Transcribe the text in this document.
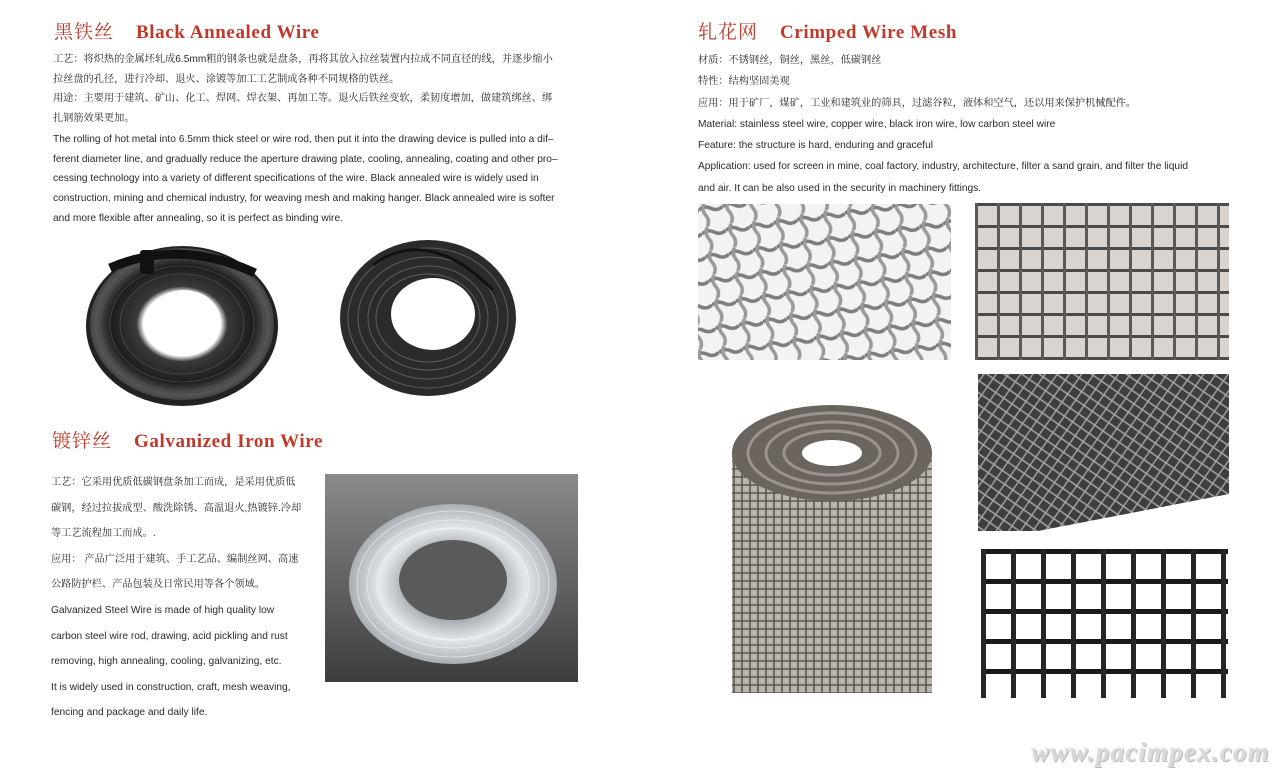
黑铁丝 Black Annealed Wire

工艺：将炽热的金属坯轧成6.5mm粗的钢条也就是盘条，再将其放入拉丝装置内拉成不同直径的线，并逐步缩小

拉丝盘的孔径，进行冷却、退火、涂镀等加工工艺制成各种不同规格的铁丝。

用途：主要用于建筑、矿山、化工、焊网、焊衣架、再加工等。退火后铁丝变软，柔韧度增加，做建筑绑丝、绑

扎钢筋效果更加。

The rolling of hot metal into 6.5mm thick steel or wire rod, then put it into the drawing device is pulled into a dif–

ferent diameter line, and gradually reduce the aperture drawing plate, cooling, annealing, coating and other pro–

cessing technology into a variety of different specifications of the wire. Black annealed wire is widely used in

construction, mining and chemical industry, for weaving mesh and making hanger. Black annealed wire is softer

and more flexible after annealing, so it is perfect as binding wire.

镀锌丝 Galvanized Iron Wire

工艺：它采用优质低碳钢盘条加工而成，是采用优质低

碳钢，经过拉拔成型、酸洗除锈、高温退火,热镀锌.冷却

等工艺流程加工而成。.

应用： 产品广泛用于建筑、手工艺品、编制丝网、高速

公路防护栏、产品包装及日常民用等各个领域。

Galvanized Steel Wire is made of high quality low

carbon steel wire rod, drawing, acid pickling and rust

removing, high annealing, cooling, galvanizing, etc.

It is widely used in construction, craft, mesh weaving,

fencing and package and daily life.

轧花网 Crimped Wire Mesh

材质：不锈钢丝，铜丝，黑丝，低碳钢丝

特性：结构坚固美观

应用：用于矿厂，煤矿，工业和建筑业的筛具，过滤谷粒，液体和空气，还以用来保护机械配件。

Material: stainless steel wire, copper wire, black iron wire, low carbon steel wire

Feature: the structure is hard, enduring and graceful

Application: used for screen in mine, coal factory, industry, architecture, filter a sand grain, and filter the liquid

and air. It can be also used in the security in machinery fittings.

www.pacimpex.com
